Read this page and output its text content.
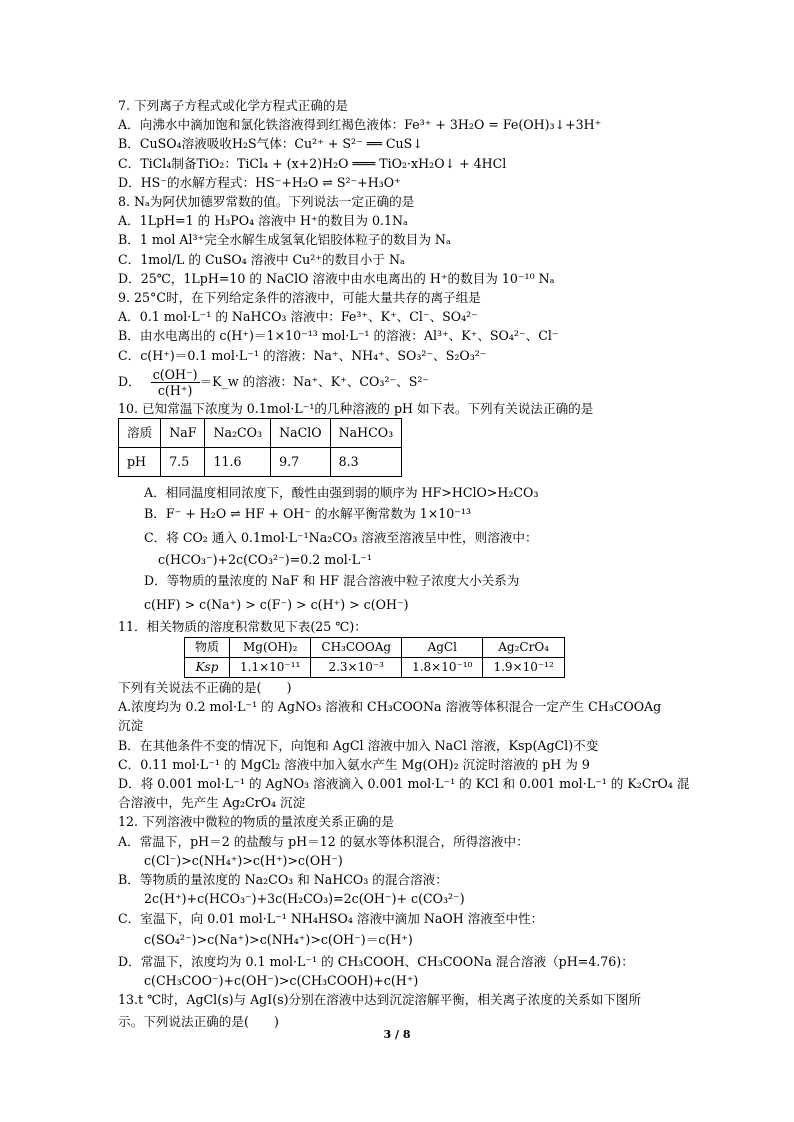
7. 下列离子方程式或化学方程式正确的是
A．向沸水中滴加饱和氯化铁溶液得到红褐色液体：Fe³⁺ + 3H₂O = Fe(OH)₃↓+3H⁺
B．CuSO₄溶液吸收H₂S气体：Cu²⁺ + S²⁻ ══ CuS↓
C．TiCl₄制备TiO₂：TiCl₄ + (x+2)H₂O ═══ TiO₂·xH₂O↓ + 4HCl
D．HS⁻的水解方程式：HS⁻+H₂O ⇌ S²⁻+H₃O⁺
8. Nₐ为阿伏加德罗常数的值。下列说法一定正确的是
A．1LpH=1 的 H₃PO₄ 溶液中 H⁺的数目为 0.1Nₐ
B．1 mol Al³⁺完全水解生成氢氧化铝胶体粒子的数目为 Nₐ
C．1mol/L 的 CuSO₄ 溶液中 Cu²⁺的数目小于 Nₐ
D．25℃，1LpH=10 的 NaClO 溶液中由水电离出的 H⁺的数目为 10⁻¹⁰ Nₐ
9. 25°C时，在下列给定条件的溶液中，可能大量共存的离子组是
A．0.1 mol·L⁻¹ 的 NaHCO₃ 溶液中：Fe³⁺、K⁺、Cl⁻、SO₄²⁻
B．由水电离出的 c(H⁺)＝1×10⁻¹³ mol·L⁻¹ 的溶液：Al³⁺、K⁺、SO₄²⁻、Cl⁻
C．c(H⁺)＝0.1 mol·L⁻¹ 的溶液：Na⁺、NH₄⁺、SO₃²⁻、S₂O₃²⁻
D． $\frac{c(OH^-)}{c(H^+)}$ ＝K_w 的溶液：Na⁺、K⁺、CO₃²⁻、S²⁻
10. 已知常温下浓度为 0.1mol·L⁻¹的几种溶液的 pH 如下表。下列有关说法正确的是
溶质	NaF	Na₂CO₃	NaClO	NaHCO₃
pH	7.5	11.6	9.7	8.3
A．相同温度相同浓度下，酸性由强到弱的顺序为 HF>HClO>H₂CO₃
B．F⁻ + H₂O ⇌ HF + OH⁻ 的水解平衡常数为 1×10⁻¹³
C．将 CO₂ 通入 0.1mol·L⁻¹Na₂CO₃ 溶液至溶液呈中性，则溶液中：
c(HCO₃⁻)+2c(CO₃²⁻)=0.2 mol·L⁻¹
D．等物质的量浓度的 NaF 和 HF 混合溶液中粒子浓度大小关系为
c(HF) > c(Na⁺) > c(F⁻) > c(H⁺) > c(OH⁻)
11．相关物质的溶度积常数见下表(25 ℃)：
物质	Mg(OH)₂	CH₃COOAg	AgCl	Ag₂CrO₄
Ksp	1.1×10⁻¹¹	2.3×10⁻³	1.8×10⁻¹⁰	1.9×10⁻¹²
下列有关说法不正确的是(　　)
A.浓度均为 0.2 mol·L⁻¹ 的 AgNO₃ 溶液和 CH₃COONa 溶液等体积混合一定产生 CH₃COOAg
沉淀
B．在其他条件不变的情况下，向饱和 AgCl 溶液中加入 NaCl 溶液，Ksp(AgCl)不变
C．0.11 mol·L⁻¹ 的 MgCl₂ 溶液中加入氨水产生 Mg(OH)₂ 沉淀时溶液的 pH 为 9
D．将 0.001 mol·L⁻¹ 的 AgNO₃ 溶液滴入 0.001 mol·L⁻¹ 的 KCl 和 0.001 mol·L⁻¹ 的 K₂CrO₄ 混
合溶液中，先产生 Ag₂CrO₄ 沉淀
12. 下列溶液中微粒的物质的量浓度关系正确的是
A．常温下，pH＝2 的盐酸与 pH＝12 的氨水等体积混合，所得溶液中：
c(Cl⁻)>c(NH₄⁺)>c(H⁺)>c(OH⁻)
B．等物质的量浓度的 Na₂CO₃ 和 NaHCO₃ 的混合溶液：
2c(H⁺)+c(HCO₃⁻)+3c(H₂CO₃)=2c(OH⁻)+ c(CO₃²⁻)
C．室温下，向 0.01 mol·L⁻¹ NH₄HSO₄ 溶液中滴加 NaOH 溶液至中性：
c(SO₄²⁻)>c(Na⁺)>c(NH₄⁺)>c(OH⁻)＝c(H⁺)
D．常温下，浓度均为 0.1 mol·L⁻¹ 的 CH₃COOH、CH₃COONa 混合溶液（pH=4.76)：
c(CH₃COO⁻)+c(OH⁻)>c(CH₃COOH)+c(H⁺)
13.t ℃时，AgCl(s)与 AgI(s)分别在溶液中达到沉淀溶解平衡，相关离子浓度的关系如下图所
示。下列说法正确的是(　　)
3 / 8
